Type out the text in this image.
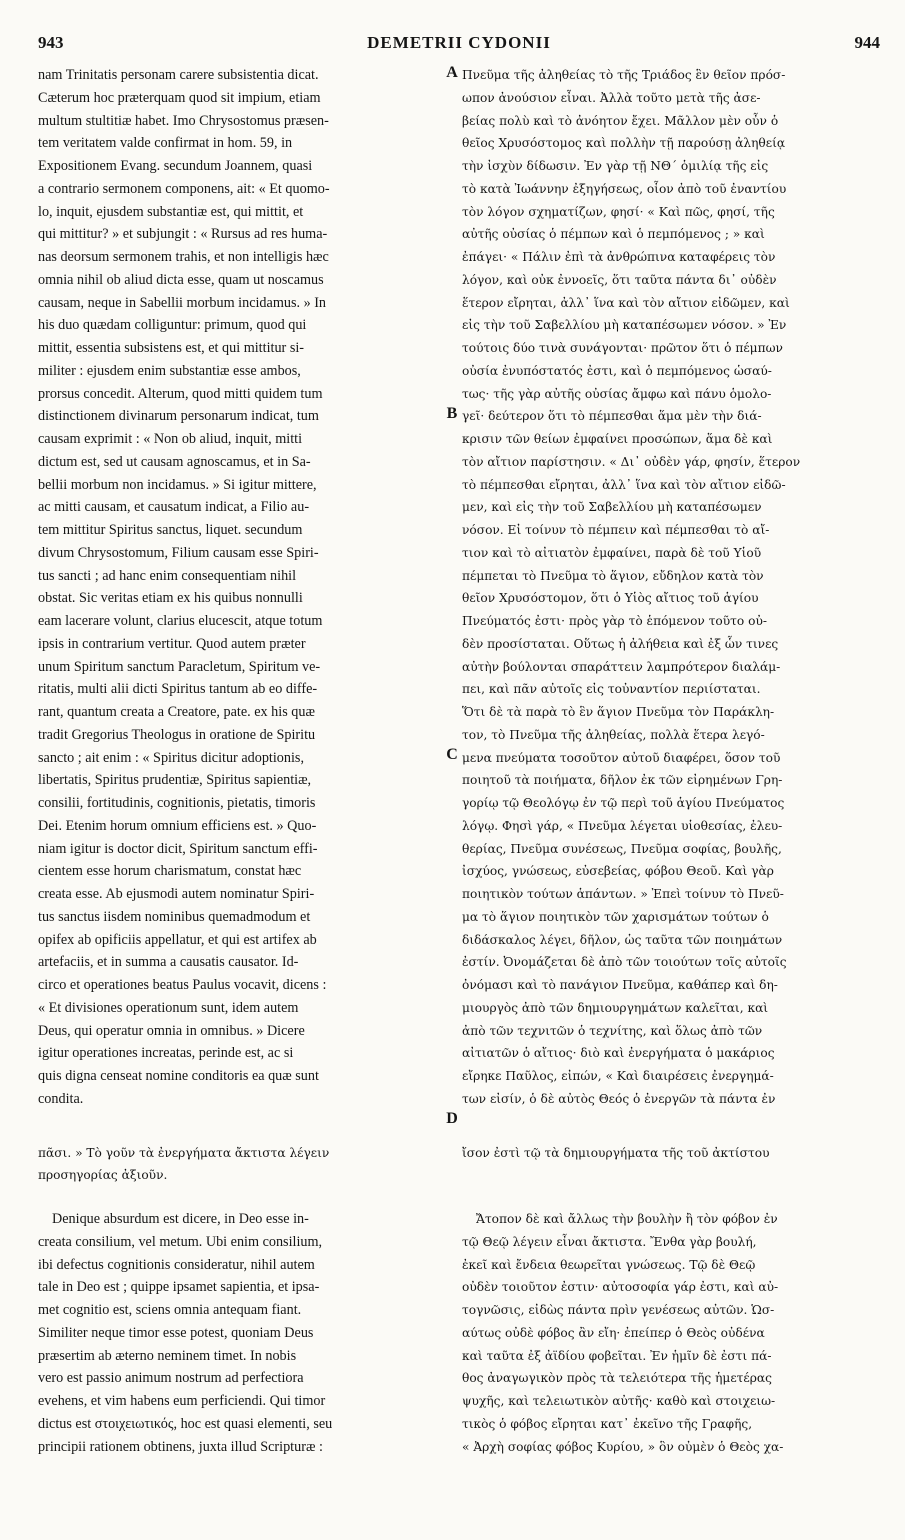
943	DEMETRII CYDONII	944
A
B
C
D
nam Trinitatis personam carere subsistentia dicat.
Cæterum hoc præterquam quod sit impium, etiam
multum stultitiæ habet. Imo Chrysostomus præsen-
tem veritatem valde confirmat in hom. 59, in
Expositionem Evang. secundum Joannem, quasi
a contrario sermonem componens, ait: « Et quomo-
lo, inquit, ejusdem substantiæ est, qui mittit, et
qui mittitur? » et subjungit : « Rursus ad res huma-
nas deorsum sermonem trahis, et non intelligis hæc
omnia nihil ob aliud dicta esse, quam ut noscamus
causam, neque in Sabellii morbum incidamus. » In
his duo quædam colliguntur: primum, quod qui
mittit, essentia subsistens est, et qui mittitur si-
militer : ejusdem enim substantiæ esse ambos,
prorsus concedit. Alterum, quod mitti quidem tum
distinctionem divinarum personarum indicat, tum
causam exprimit : « Non ob aliud, inquit, mitti
dictum est, sed ut causam agnoscamus, et in Sa-
bellii morbum non incidamus. » Si igitur mittere,
ac mitti causam, et causatum indicat, a Filio au-
tem mittitur Spiritus sanctus, liquet. secundum
divum Chrysostomum, Filium causam esse Spiri-
tus sancti ; ad hanc enim consequentiam nihil
obstat. Sic veritas etiam ex his quibus nonnulli
eam lacerare volunt, clarius elucescit, atque totum
ipsis in contrarium vertitur. Quod autem præter
unum Spiritum sanctum Paracletum, Spiritum ve-
ritatis, multi alii dicti Spiritus tantum ab eo diffe-
rant, quantum creata a Creatore, pate. ex his quæ
tradit Gregorius Theologus in oratione de Spiritu
sancto ; ait enim : « Spiritus dicitur adoptionis,
libertatis, Spiritus prudentiæ, Spiritus sapientiæ,
consilii, fortitudinis, cognitionis, pietatis, timoris
Dei. Etenim horum omnium efficiens est. » Quo-
niam igitur is doctor dicit, Spiritum sanctum effi-
cientem esse horum charismatum, constat hæc
creata esse. Ab ejusmodi autem nominatur Spiri-
tus sanctus iisdem nominibus quemadmodum et
opifex ab opificiis appellatur, et qui est artifex ab
artefaciis, et in summa a causatis causator. Id-
circo et operationes beatus Paulus vocavit, dicens :
« Et divisiones operationum sunt, idem autem
Deus, qui operatur omnia in omnibus. » Dicere
igitur operationes increatas, perinde est, ac si
quis digna censeat nomine conditoris ea quæ sunt
condita.
Πνεῦμα τῆς ἀληθείας τὸ τῆς Τριάδος ἓν θεῖον πρόσ-
ωπον ἀνούσιον εἶναι. Ἀλλὰ τοῦτο μετὰ τῆς ἀσε-
βείας πολὺ καὶ τὸ ἀνόητον ἔχει. Μᾶλλον μὲν οὖν ὁ
θεῖος Χρυσόστομος καὶ πολλὴν τῇ παρούσῃ ἀληθείᾳ
τὴν ἰσχὺν δίδωσιν. Ἐν γὰρ τῇ ΝΘ΄ ὁμιλίᾳ τῆς εἰς
τὸ κατὰ Ἰωάννην ἐξηγήσεως, οἷον ἀπὸ τοῦ ἐναντίου
τὸν λόγον σχηματίζων, φησί· « Καὶ πῶς, φησί, τῆς
αὐτῆς οὐσίας ὁ πέμπων καὶ ὁ πεμπόμενος ; » καὶ
ἐπάγει· « Πάλιν ἐπὶ τὰ ἀνθρώπινα καταφέρεις τὸν
λόγον, καὶ οὐκ ἐννοεῖς, ὅτι ταῦτα πάντα δι᾽ οὐδὲν
ἕτερον εἴρηται, ἀλλ᾽ ἵνα καὶ τὸν αἴτιον εἰδῶμεν, καὶ
εἰς τὴν τοῦ Σαβελλίου μὴ καταπέσωμεν νόσον. » Ἐν
τούτοις δύο τινὰ συνάγονται· πρῶτον ὅτι ὁ πέμπων
οὐσία ἐνυπόστατός ἐστι, καὶ ὁ πεμπόμενος ὡσαύ-
τως· τῆς γὰρ αὐτῆς οὐσίας ἄμφω καὶ πάνυ ὁμολο-
γεῖ· δεύτερον ὅτι τὸ πέμπεσθαι ἅμα μὲν τὴν διά-
κρισιν τῶν θείων ἐμφαίνει προσώπων, ἅμα δὲ καὶ
τὸν αἴτιον παρίστησιν. « Δι᾽ οὐδὲν γάρ, φησίν, ἕτερον
τὸ πέμπεσθαι εἴρηται, ἀλλ᾽ ἵνα καὶ τὸν αἴτιον εἰδῶ-
μεν, καὶ εἰς τὴν τοῦ Σαβελλίου μὴ καταπέσωμεν
νόσον. Εἰ τοίνυν τὸ πέμπειν καὶ πέμπεσθαι τὸ αἴ-
τιον καὶ τὸ αἰτιατὸν ἐμφαίνει, παρὰ δὲ τοῦ Υἱοῦ
πέμπεται τὸ Πνεῦμα τὸ ἅγιον, εὔδηλον κατὰ τὸν
θεῖον Χρυσόστομον, ὅτι ὁ Υἱὸς αἴτιος τοῦ ἁγίου
Πνεύματός ἐστι· πρὸς γὰρ τὸ ἑπόμενον τοῦτο οὐ-
δὲν προσίσταται. Οὕτως ἡ ἀλήθεια καὶ ἐξ ὧν τινες
αὐτὴν βούλονται σπαράττειν λαμπρότερον διαλάμ-
πει, καὶ πᾶν αὐτοῖς εἰς τοὐναντίον περιίσταται.
Ὅτι δὲ τὰ παρὰ τὸ ἓν ἅγιον Πνεῦμα τὸν Παράκλη-
τον, τὸ Πνεῦμα τῆς ἀληθείας, πολλὰ ἕτερα λεγό-
μενα πνεύματα τοσοῦτον αὐτοῦ διαφέρει, ὅσον τοῦ
ποιητοῦ τὰ ποιήματα, δῆλον ἐκ τῶν εἰρημένων Γρη-
γορίῳ τῷ Θεολόγῳ ἐν τῷ περὶ τοῦ ἁγίου Πνεύματος
λόγῳ. Φησὶ γάρ, « Πνεῦμα λέγεται υἱοθεσίας, ἐλευ-
θερίας, Πνεῦμα συνέσεως, Πνεῦμα σοφίας, βουλῆς,
ἰσχύος, γνώσεως, εὐσεβείας, φόβου Θεοῦ. Καὶ γὰρ
ποιητικὸν τούτων ἁπάντων. » Ἐπεὶ τοίνυν τὸ Πνεῦ-
μα τὸ ἅγιον ποιητικὸν τῶν χαρισμάτων τούτων ὁ
διδάσκαλος λέγει, δῆλον, ὡς ταῦτα τῶν ποιημάτων
ἐστίν. Ὀνομάζεται δὲ ἀπὸ τῶν τοιούτων τοῖς αὐτοῖς
ὀνόμασι καὶ τὸ πανάγιον Πνεῦμα, καθάπερ καὶ δη-
μιουργὸς ἀπὸ τῶν δημιουργημάτων καλεῖται, καὶ
ἀπὸ τῶν τεχνιτῶν ὁ τεχνίτης, καὶ ὅλως ἀπὸ τῶν
αἰτιατῶν ὁ αἴτιος· διὸ καὶ ἐνεργήματα ὁ μακάριος
εἴρηκε Παῦλος, εἰπών, « Καὶ διαιρέσεις ἐνεργημά-
των εἰσίν, ὁ δὲ αὐτὸς Θεός ὁ ἐνεργῶν τὰ πάντα ἐν
πᾶσι. » Τὸ γοῦν τὰ ἐνεργήματα ἄκτιστα λέγειν	ἴσον ἐστὶ τῷ τὰ δημιουργήματα τῆς τοῦ ἀκτίστου
προσηγορίας ἀξιοῦν.
Denique absurdum est dicere, in Deo esse in-
creata consilium, vel metum. Ubi enim consilium,
ibi defectus cognitionis consideratur, nihil autem
tale in Deo est ; quippe ipsamet sapientia, et ipsa-
met cognitio est, sciens omnia antequam fiant.
Similiter neque timor esse potest, quoniam Deus
præsertim ab æterno neminem timet. In nobis
vero est passio animum nostrum ad perfectiora
evehens, et vim habens eum perficiendi. Qui timor
dictus est στοιχειωτικός, hoc est quasi elementi, seu
principii rationem obtinens, juxta illud Scripturæ :
Ἄτοπον δὲ καὶ ἄλλως τὴν βουλὴν ἢ τὸν φόβον ἐν
τῷ Θεῷ λέγειν εἶναι ἄκτιστα. Ἔνθα γὰρ βουλή,
ἐκεῖ καὶ ἔνδεια θεωρεῖται γνώσεως. Τῷ δὲ Θεῷ
οὐδὲν τοιοῦτον ἐστιν· αὐτοσοφία γάρ ἐστι, καὶ αὐ-
τογνῶσις, εἰδὼς πάντα πρὶν γενέσεως αὐτῶν. Ὡσ-
αύτως οὐδὲ φόβος ἂν εἴη· ἐπείπερ ὁ Θεὸς οὐδένα
καὶ ταῦτα ἐξ ἀϊδίου φοβεῖται. Ἐν ἡμῖν δὲ ἐστι πά-
θος ἀναγωγικὸν πρὸς τὰ τελειότερα τῆς ἡμετέρας
ψυχῆς, καὶ τελειωτικὸν αὐτῆς· καθὸ καὶ στοιχειω-
τικὸς ὁ φόβος εἴρηται κατ᾽ ἐκεῖνο τῆς Γραφῆς,
« Ἀρχὴ σοφίας φόβος Κυρίου, » ὃν οὐμὲν ὁ Θεὸς χα-
